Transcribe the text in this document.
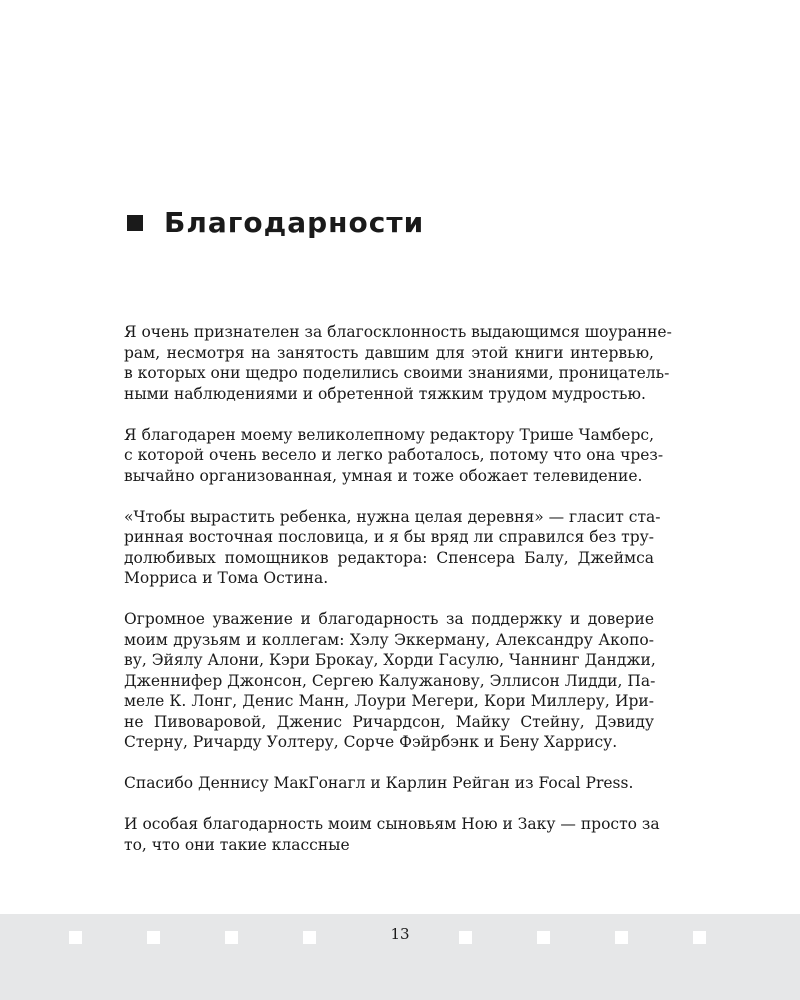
Благодарности

Я очень признателен за благосклонность выдающимся шоураннe-
рам, несмотря на занятость давшим для этой книги интервью,
в которых они щедро поделились своими знаниями, проницатель-
ными наблюдениями и обретенной тяжким трудом мудростью.

Я благодарен моему великолепному редактору Трише Чамберс,
с которой очень весело и легко работалось, потому что она чрез-
вычайно организованная, умная и тоже обожает телевидение.

«Чтобы вырастить ребенка, нужна целая деревня» — гласит ста-
ринная восточная пословица, и я бы вряд ли справился без тру-
долюбивых помощников редактора: Спенсера Балу, Джеймса
Морриса и Тома Остина.

Огромное уважение и благодарность за поддержку и доверие
моим друзьям и коллегам: Хэлу Эккерману, Александру Акопо-
ву, Эйялу Алони, Кэри Брокау, Хорди Гасулю, Чаннинг Данджи,
Дженнифер Джонсон, Сергею Калужанову, Эллисон Лидди, Па-
меле К. Лонг, Денис Манн, Лоури Мегери, Кори Миллеру, Ири-
не Пивоваровой, Дженис Ричардсон, Майку Стейну, Дэвиду
Стерну, Ричарду Уолтеру, Сорче Фэйрбэнк и Бену Харрису.

Спасибо Деннису МакГонагл и Карлин Рейган из Focal Press.

И особая благодарность моим сыновьям Ною и Заку — просто за
то, что они такие классные

13
